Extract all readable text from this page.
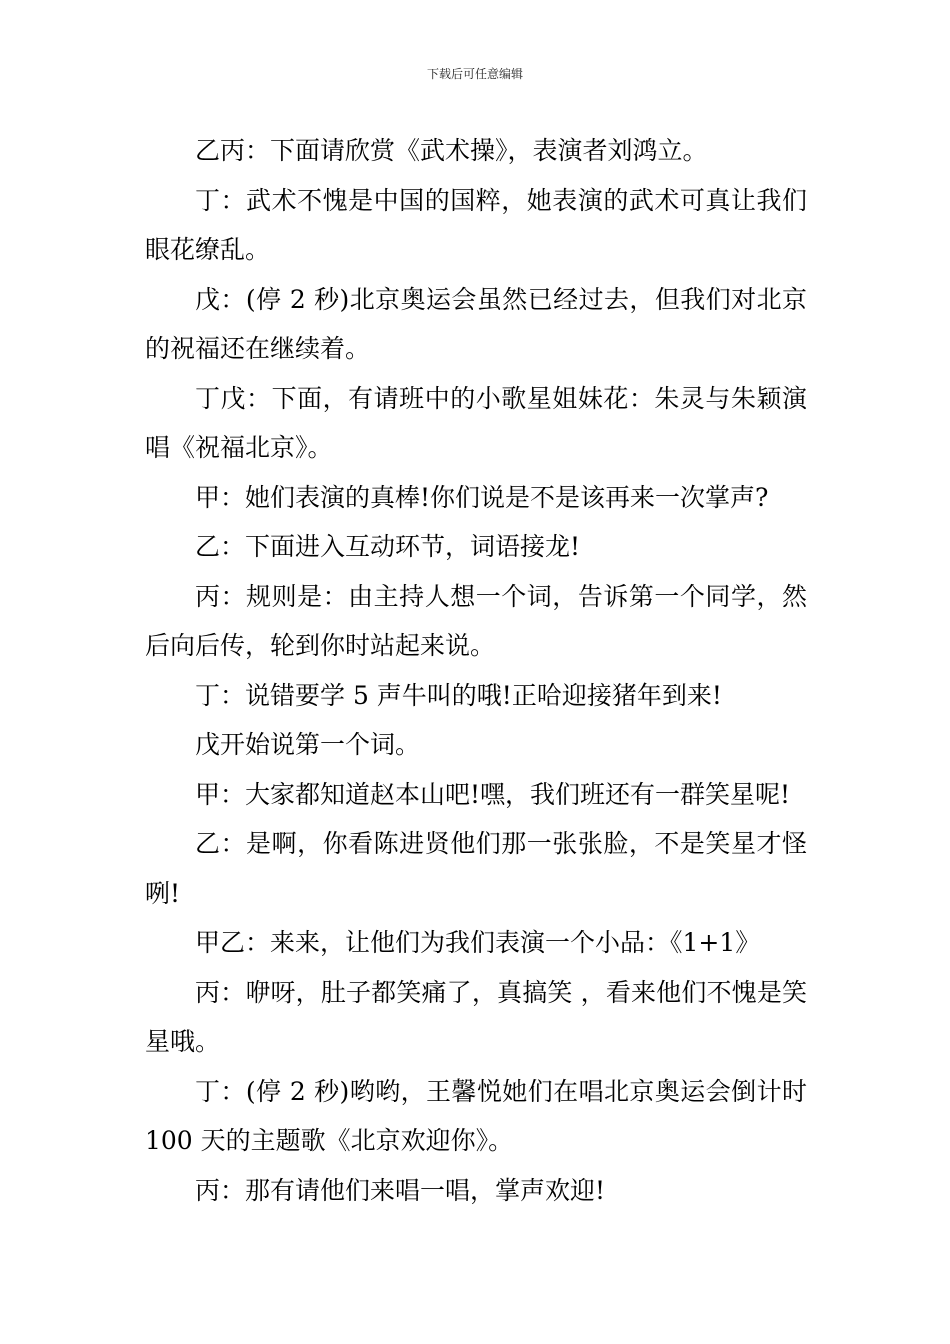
下载后可任意编辑

乙丙：下面请欣赏《武术操》，表演者刘鸿立。

丁：武术不愧是中国的国粹，她表演的武术可真让我们眼花缭乱。

戊：(停 2 秒)北京奥运会虽然已经过去，但我们对北京的祝福还在继续着。

丁戊：下面，有请班中的小歌星姐妹花：朱灵与朱颖演唱《祝福北京》。

甲：她们表演的真棒!你们说是不是该再来一次掌声?

乙：下面进入互动环节，词语接龙!

丙：规则是：由主持人想一个词，告诉第一个同学，然后向后传，轮到你时站起来说。

丁：说错要学 5 声牛叫的哦!正哈迎接猪年到来!

戊开始说第一个词。

甲：大家都知道赵本山吧!嘿，我们班还有一群笑星呢!

乙：是啊，你看陈进贤他们那一张张脸，不是笑星才怪咧!

甲乙：来来，让他们为我们表演一个小品：《1+1》

丙：咿呀，肚子都笑痛了，真搞笑 ，看来他们不愧是笑星哦。

丁：(停 2 秒)哟哟，王馨悦她们在唱北京奥运会倒计时 100 天的主题歌《北京欢迎你》。

丙：那有请他们来唱一唱，掌声欢迎!
